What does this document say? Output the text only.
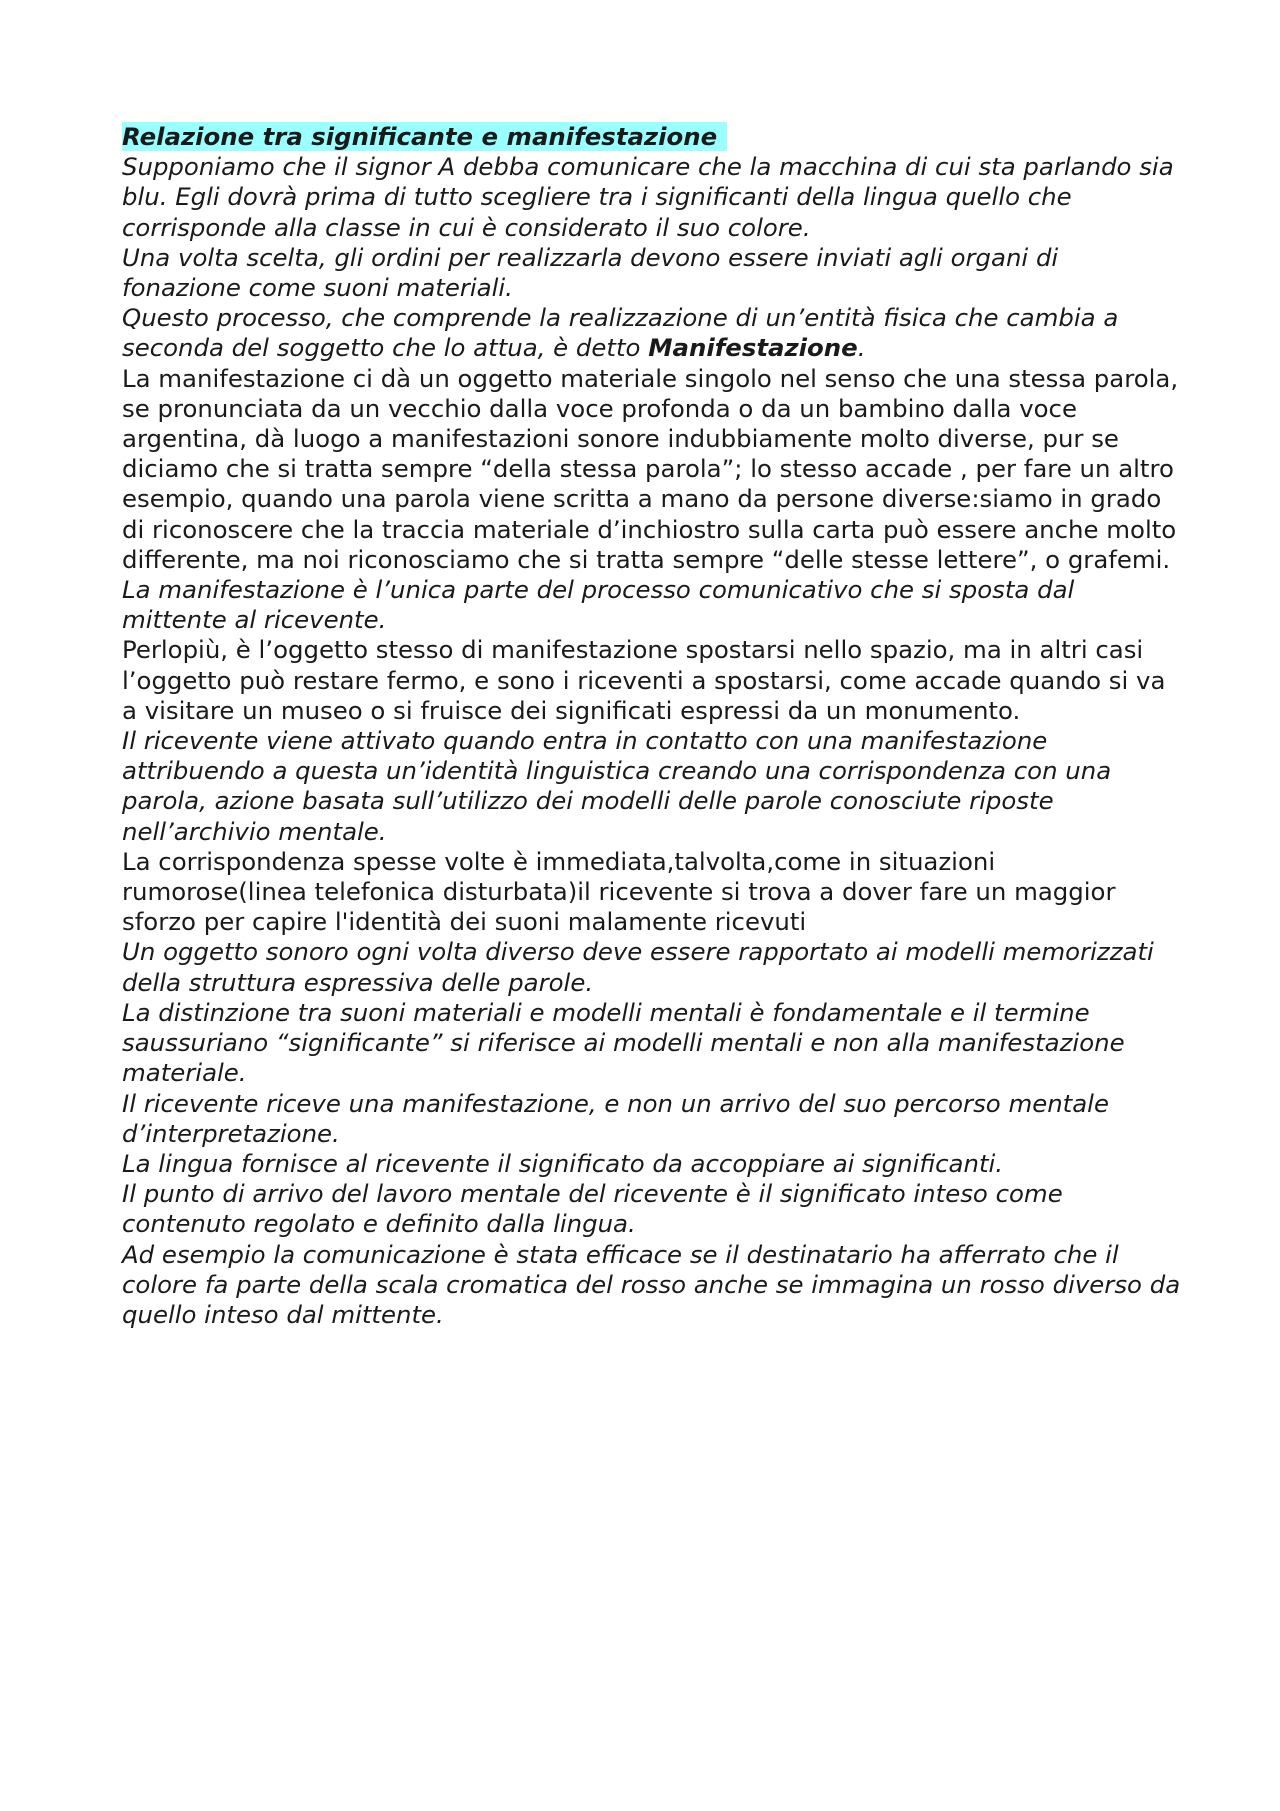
Relazione tra significante e manifestazione

Supponiamo che il signor A debba comunicare che la macchina di cui sta parlando sia blu. Egli dovrà prima di tutto scegliere tra i significanti della lingua quello che corrisponde alla classe in cui è considerato il suo colore.

Una volta scelta, gli ordini per realizzarla devono essere inviati agli organi di fonazione come suoni materiali.

Questo processo, che comprende la realizzazione di un’entità fisica che cambia a seconda del soggetto che lo attua, è detto Manifestazione.

La manifestazione ci dà un oggetto materiale singolo nel senso che una stessa parola, se pronunciata da un vecchio dalla voce profonda o da un bambino dalla voce argentina, dà luogo a manifestazioni sonore indubbiamente molto diverse, pur se diciamo che si tratta sempre “della stessa parola”; lo stesso accade , per fare un altro esempio, quando una parola viene scritta a mano da persone diverse:siamo in grado di riconoscere che la traccia materiale d’inchiostro sulla carta può essere anche molto differente, ma noi riconosciamo che si tratta sempre “delle stesse lettere”, o grafemi.

La manifestazione è l’unica parte del processo comunicativo che si sposta dal mittente al ricevente.

Perlopiù, è l’oggetto stesso di manifestazione spostarsi nello spazio, ma in altri casi l’oggetto può restare fermo, e sono i riceventi a spostarsi, come accade quando si va a visitare un museo o si fruisce dei significati espressi da un monumento.

Il ricevente viene attivato quando entra in contatto con una manifestazione attribuendo a questa un’identità linguistica creando una corrispondenza con una parola, azione basata sull’utilizzo dei modelli delle parole conosciute riposte nell’archivio mentale.

La corrispondenza spesse volte è immediata,talvolta,come in situazioni rumorose(linea telefonica disturbata)il ricevente si trova a dover fare un maggior sforzo per capire l'identità dei suoni malamente ricevuti

Un oggetto sonoro ogni volta diverso deve essere rapportato ai modelli memorizzati della struttura espressiva delle parole.

La distinzione tra suoni materiali e modelli mentali è fondamentale e il termine saussuriano “significante” si riferisce ai modelli mentali e non alla manifestazione materiale.

Il ricevente riceve una manifestazione, e non un arrivo del suo percorso mentale d’interpretazione.

La lingua fornisce al ricevente il significato da accoppiare ai significanti.

Il punto di arrivo del lavoro mentale del ricevente è il significato inteso come contenuto regolato e definito dalla lingua.

Ad esempio la comunicazione è stata efficace se il destinatario ha afferrato che il colore fa parte della scala cromatica del rosso anche se immagina un rosso diverso da quello inteso dal mittente.
